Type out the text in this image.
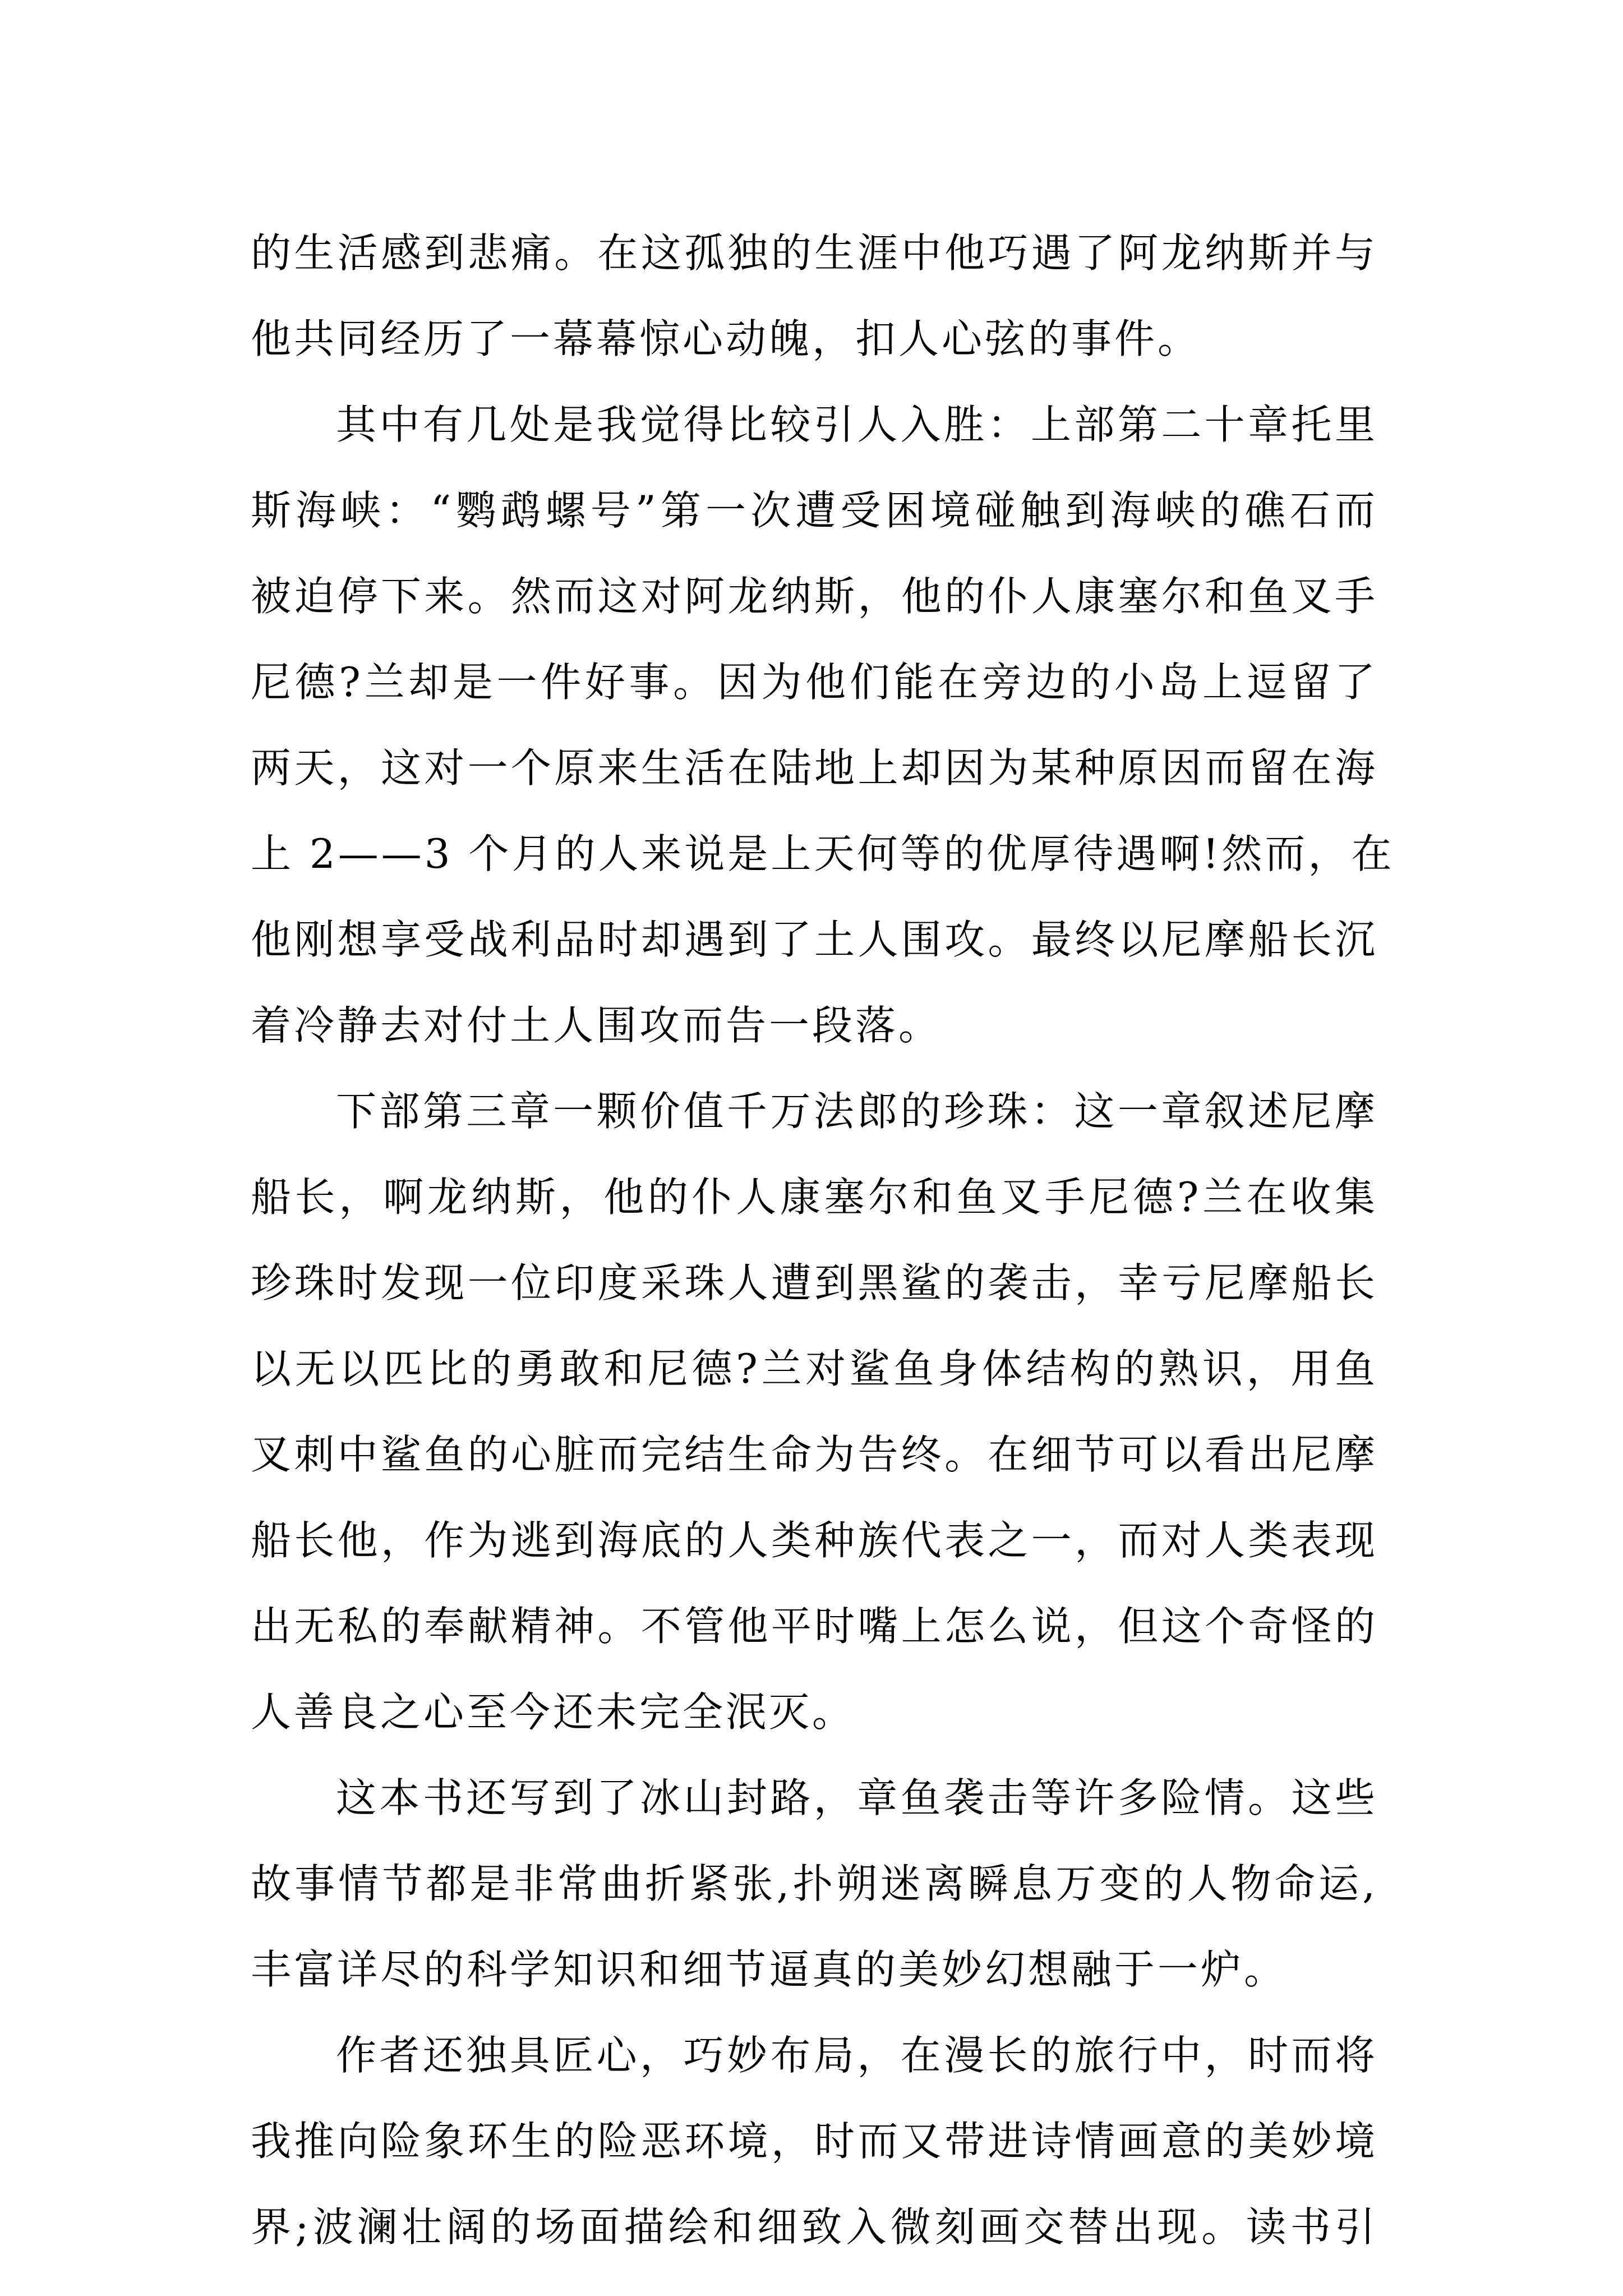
的生活感到悲痛。在这孤独的生涯中他巧遇了阿龙纳斯并与
他共同经历了一幕幕惊心动魄，扣人心弦的事件。
其中有几处是我觉得比较引人入胜：上部第二十章托里
斯海峡：“鹦鹉螺号”第一次遭受困境碰触到海峡的礁石而
被迫停下来。然而这对阿龙纳斯，他的仆人康塞尔和鱼叉手
尼德?兰却是一件好事。因为他们能在旁边的小岛上逗留了
两天，这对一个原来生活在陆地上却因为某种原因而留在海
上 2——3 个月的人来说是上天何等的优厚待遇啊!然而，在
他刚想享受战利品时却遇到了土人围攻。最终以尼摩船长沉
着冷静去对付土人围攻而告一段落。
下部第三章一颗价值千万法郎的珍珠：这一章叙述尼摩
船长，啊龙纳斯，他的仆人康塞尔和鱼叉手尼德?兰在收集
珍珠时发现一位印度采珠人遭到黑鲨的袭击，幸亏尼摩船长
以无以匹比的勇敢和尼德?兰对鲨鱼身体结构的熟识，用鱼
叉刺中鲨鱼的心脏而完结生命为告终。在细节可以看出尼摩
船长他，作为逃到海底的人类种族代表之一，而对人类表现
出无私的奉献精神。不管他平时嘴上怎么说，但这个奇怪的
人善良之心至今还未完全泯灭。
这本书还写到了冰山封路，章鱼袭击等许多险情。这些
故事情节都是非常曲折紧张,扑朔迷离瞬息万变的人物命运,
丰富详尽的科学知识和细节逼真的美妙幻想融于一炉。
作者还独具匠心，巧妙布局，在漫长的旅行中，时而将
我推向险象环生的险恶环境，时而又带进诗情画意的美妙境
界;波澜壮阔的场面描绘和细致入微刻画交替出现。读书引
